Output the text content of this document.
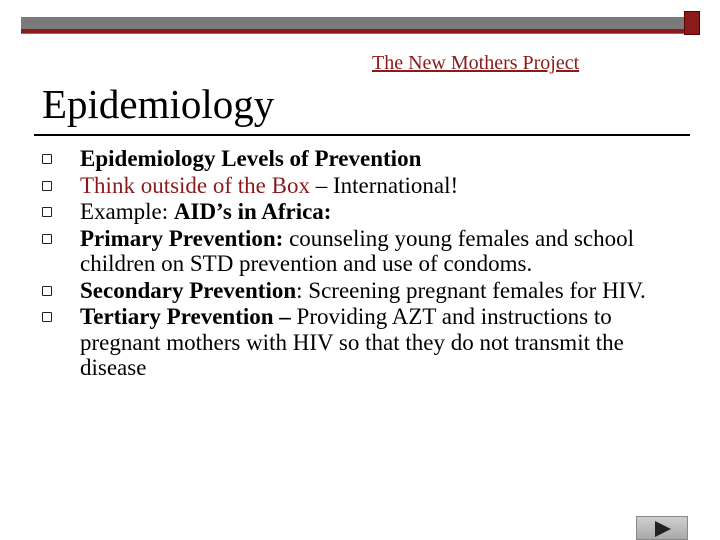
The New Mothers Project
Epidemiology
Epidemiology Levels of Prevention
Think outside of the Box – International!
Example: AID’s in Africa:
Primary Prevention: counseling young females and school children on STD prevention and use of condoms.
Secondary Prevention: Screening pregnant females for HIV.
Tertiary Prevention – Providing AZT and instructions to pregnant mothers with HIV so that they do not transmit the disease
